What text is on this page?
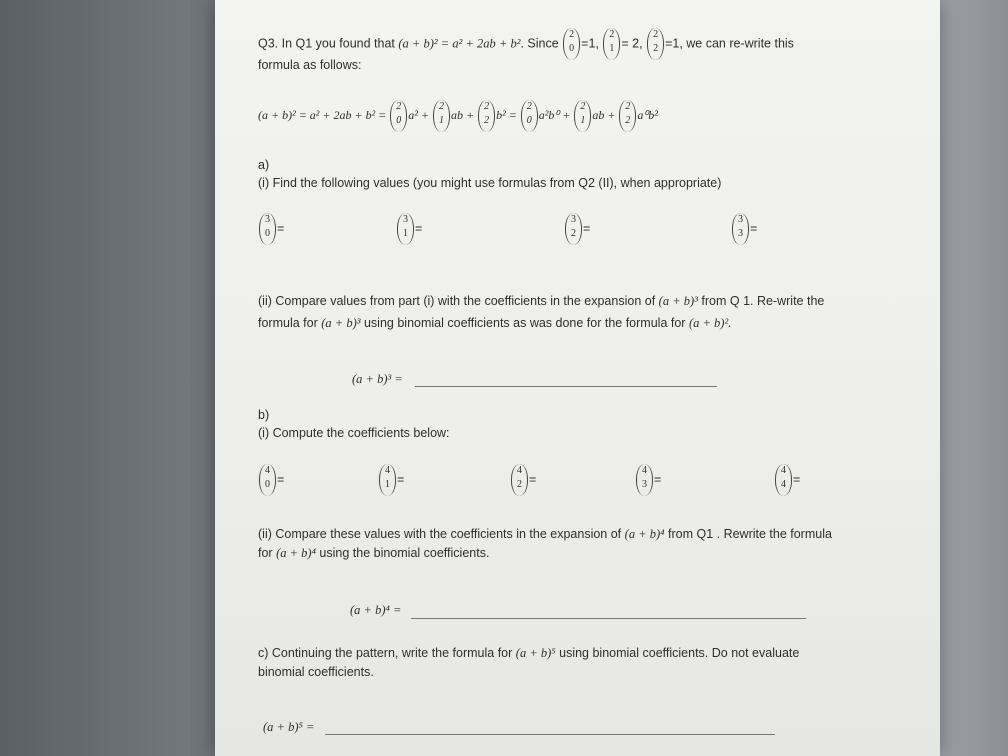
Q3. In Q1 you found that (a + b)² = a² + 2ab + b². Since
2
0 =1,
2
1 = 2,
2
2 =1, we can re-write this
formula as follows:
(a + b)² = a² + 2ab + b² =
2
0 a² +
2
1 ab +
2
2 b² =
2
0 a²b⁰ +
2
1 ab +
2
2 a⁰b²
a)
(i) Find the following values (you might use formulas from Q2 (II), when appropriate)
3
0 =
3
1 =
3
2 =
3
3 =
(ii) Compare values from part (i) with the coefficients in the expansion of (a + b)³ from Q 1. Re-write the
formula for (a + b)³ using binomial coefficients as was done for the formula for (a + b)².
(a + b)³ =
b)
(i) Compute the coefficients below:
4
0 =
4
1 =
4
2 =
4
3 =
4
4 =
(ii) Compare these values with the coefficients in the expansion of (a + b)⁴ from Q1 . Rewrite the formula
for (a + b)⁴ using the binomial coefficients.
(a + b)⁴ =
c) Continuing the pattern, write the formula for (a + b)⁵ using binomial coefficients. Do not evaluate
binomial coefficients.
(a + b)⁵ =
